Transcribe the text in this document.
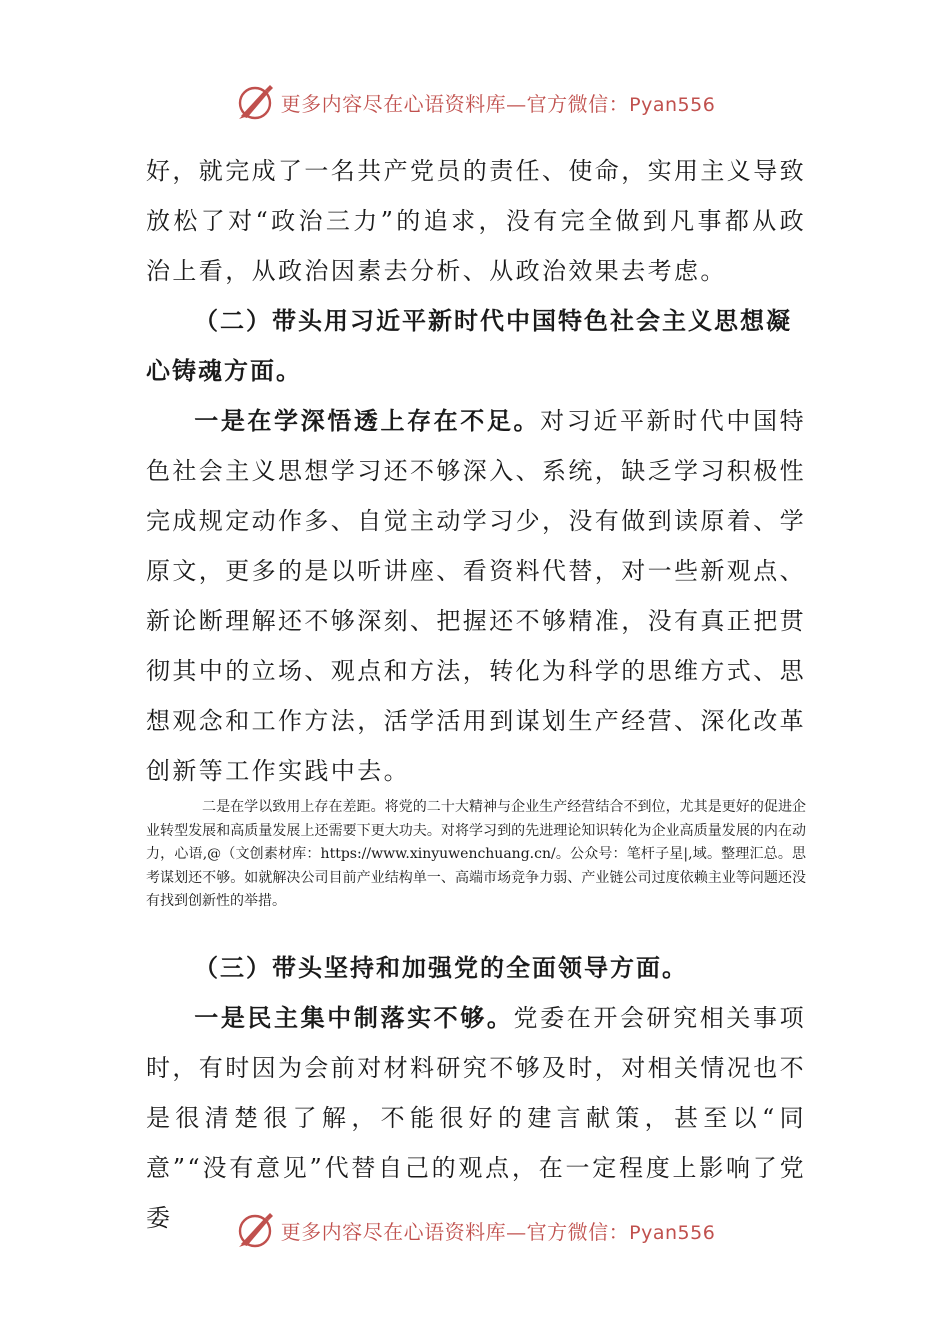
更多内容尽在心语资料库—官方微信：Pyan556

好，就完成了一名共产党员的责任、使命，实用主义导致放松了对“政治三力”的追求，没有完全做到凡事都从政治上看，从政治因素去分析、从政治效果去考虑。

（二）带头用习近平新时代中国特色社会主义思想凝心铸魂方面。

一是在学深悟透上存在不足。对习近平新时代中国特色社会主义思想学习还不够深入、系统，缺乏学习积极性完成规定动作多、自觉主动学习少，没有做到读原着、学原文，更多的是以听讲座、看资料代替，对一些新观点、新论断理解还不够深刻、把握还不够精准，没有真正把贯彻其中的立场、观点和方法，转化为科学的思维方式、思想观念和工作方法，活学活用到谋划生产经营、深化改革创新等工作实践中去。

二是在学以致用上存在差距。将党的二十大精神与企业生产经营结合不到位，尤其是更好的促进企业转型发展和高质量发展上还需要下更大功夫。对将学习到的先进理论知识转化为企业高质量发展的内在动力，心语,@（文创素材库：https://www.xinyuwenchuang.cn/。公众号：笔杆子星|,域。整理汇总。思考谋划还不够。如就解决公司目前产业结构单一、高端市场竞争力弱、产业链公司过度依赖主业等问题还没有找到创新性的举措。

（三）带头坚持和加强党的全面领导方面。

一是民主集中制落实不够。党委在开会研究相关事项时，有时因为会前对材料研究不够及时，对相关情况也不是很清楚很了解，不能很好的建言献策，甚至以“同意”“没有意见”代替自己的观点，在一定程度上影响了党委	更多内容尽在心语资料库—官方微信：Pyan556
